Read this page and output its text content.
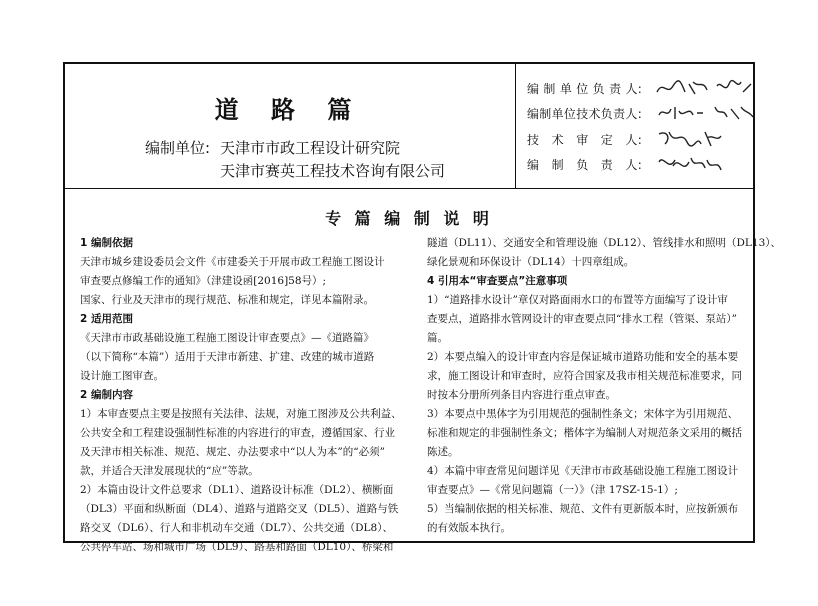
道 路 篇
编制单位: 天津市市政工程设计研究院
天津市赛英工程技术咨询有限公司
编 制 单 位 负 责 人:
编制单位技术负责人:
技　术　审　定　人:
编　制　负　责　人:
专 篇 编 制 说 明
1 编制依据
天津市城乡建设委员会文件《市建委关于开展市政工程施工图设计
审查要点修编工作的通知》（津建设函[2016]58号）;
国家、行业及天津市的现行规范、标准和规定，详见本篇附录。
2 适用范围
《天津市市政基础设施工程施工图设计审查要点》—《道路篇》
（以下简称“本篇”）适用于天津市新建、扩建、改建的城市道路
设计施工图审查。
2 编制内容
1）本审查要点主要是按照有关法律、法规，对施工图涉及公共利益、
公共安全和工程建设强制性标准的内容进行的审查，遵循国家、行业
及天津市相关标准、规范、规定、办法要求中“以人为本”的“必须”
款，并适合天津发展现状的“应”等款。
2）本篇由设计文件总要求（DL1）、道路设计标准（DL2）、横断面
（DL3）平面和纵断面（DL4）、道路与道路交叉（DL5）、道路与铁
路交叉（DL6）、行人和非机动车交通（DL7）、公共交通（DL8）、
公共停车站、场和城市广场（DL9）、路基和路面（DL10）、桥梁和
隧道（DL11）、交通安全和管理设施（DL12）、管线排水和照明（DL13）、
绿化景观和环保设计（DL14）十四章组成。
4 引用本“审查要点”注意事项
1）“道路排水设计”章仅对路面雨水口的布置等方面编写了设计审
查要点，道路排水管网设计的审查要点同“排水工程（管渠、泵站）”
篇。
2）本要点编入的设计审查内容是保证城市道路功能和安全的基本要
求，施工图设计和审查时，应符合国家及我市相关规范标准要求，同
时按本分册所列条目内容进行重点审查。
3）本要点中黑体字为引用规范的强制性条文；宋体字为引用规范、
标准和规定的非强制性条文；楷体字为编制人对规范条文采用的概括
陈述。
4）本篇中审查常见问题详见《天津市市政基础设施工程施工图设计
审查要点》—《常见问题篇（一）》（津 17SZ-15-1）;
5）当编制依据的相关标准、规范、文件有更新版本时，应按新颁布
的有效版本执行。
